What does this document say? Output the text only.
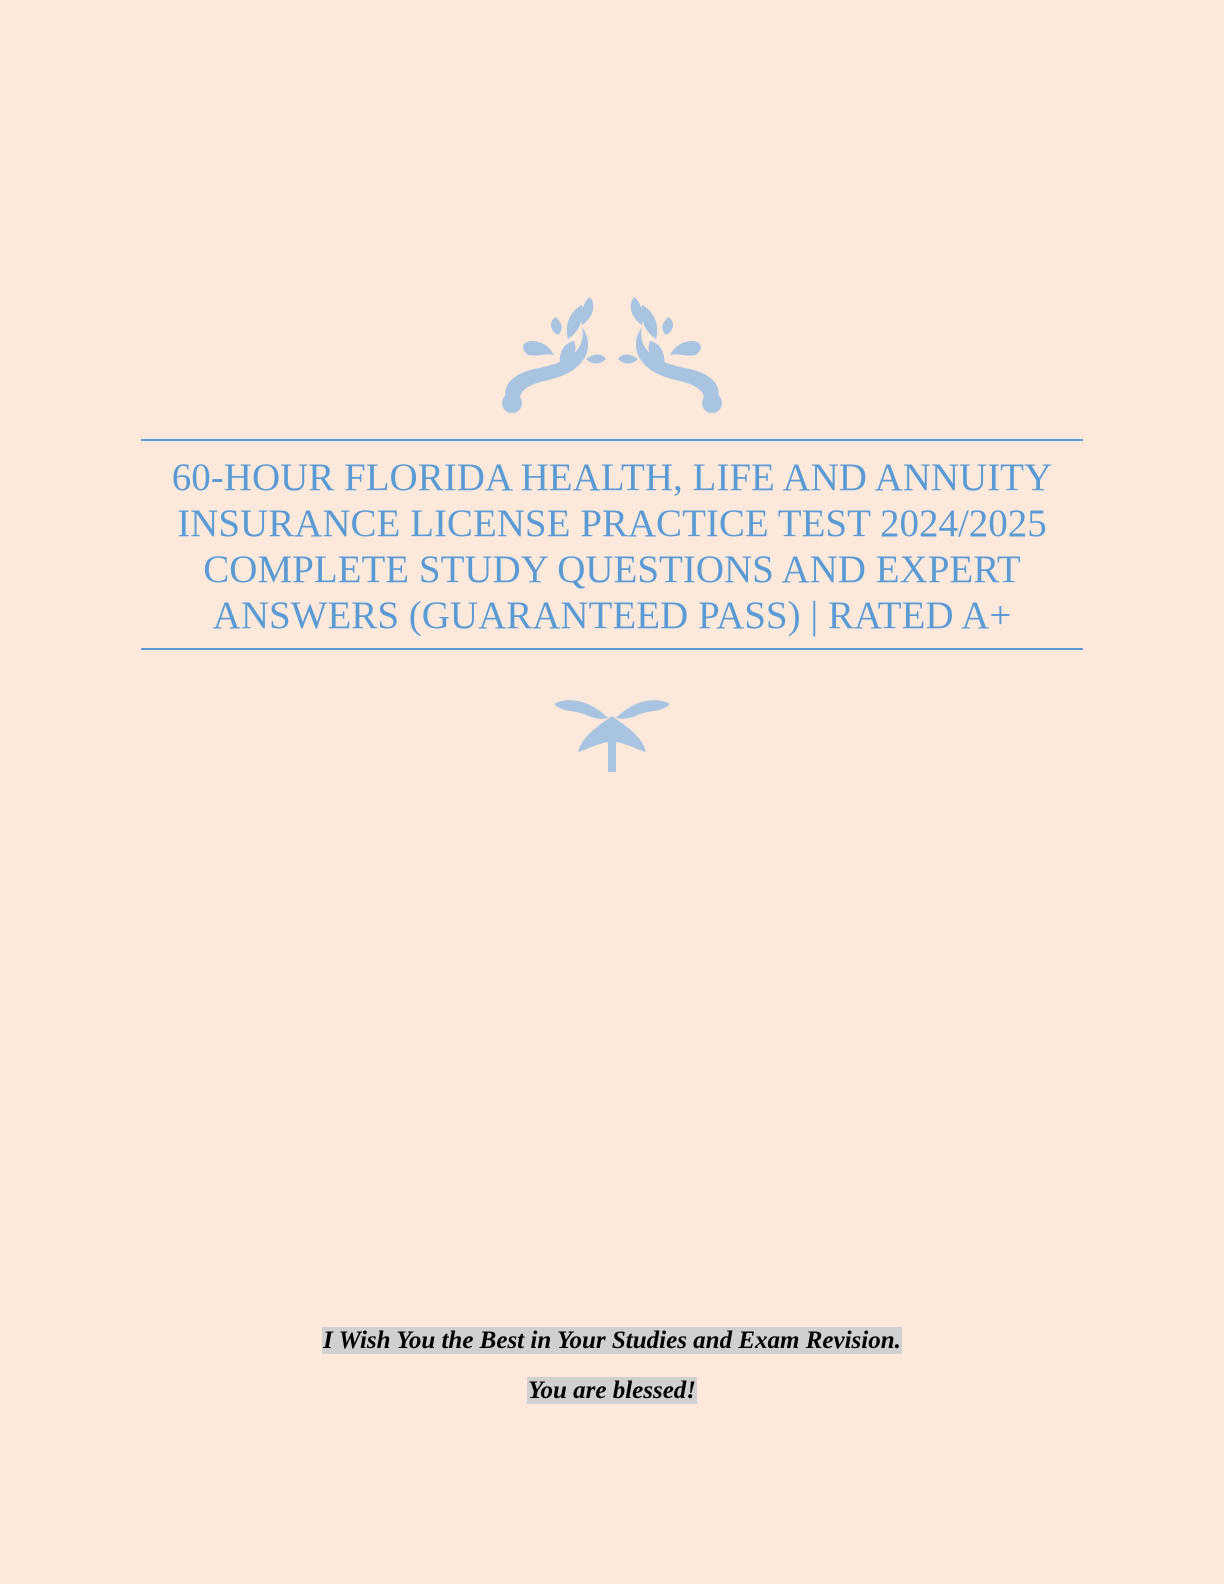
60-HOUR FLORIDA HEALTH, LIFE AND ANNUITY
INSURANCE LICENSE PRACTICE TEST 2024/2025
COMPLETE STUDY QUESTIONS AND EXPERT
ANSWERS (GUARANTEED PASS) | RATED A+

I Wish You the Best in Your Studies and Exam Revision.

You are blessed!
